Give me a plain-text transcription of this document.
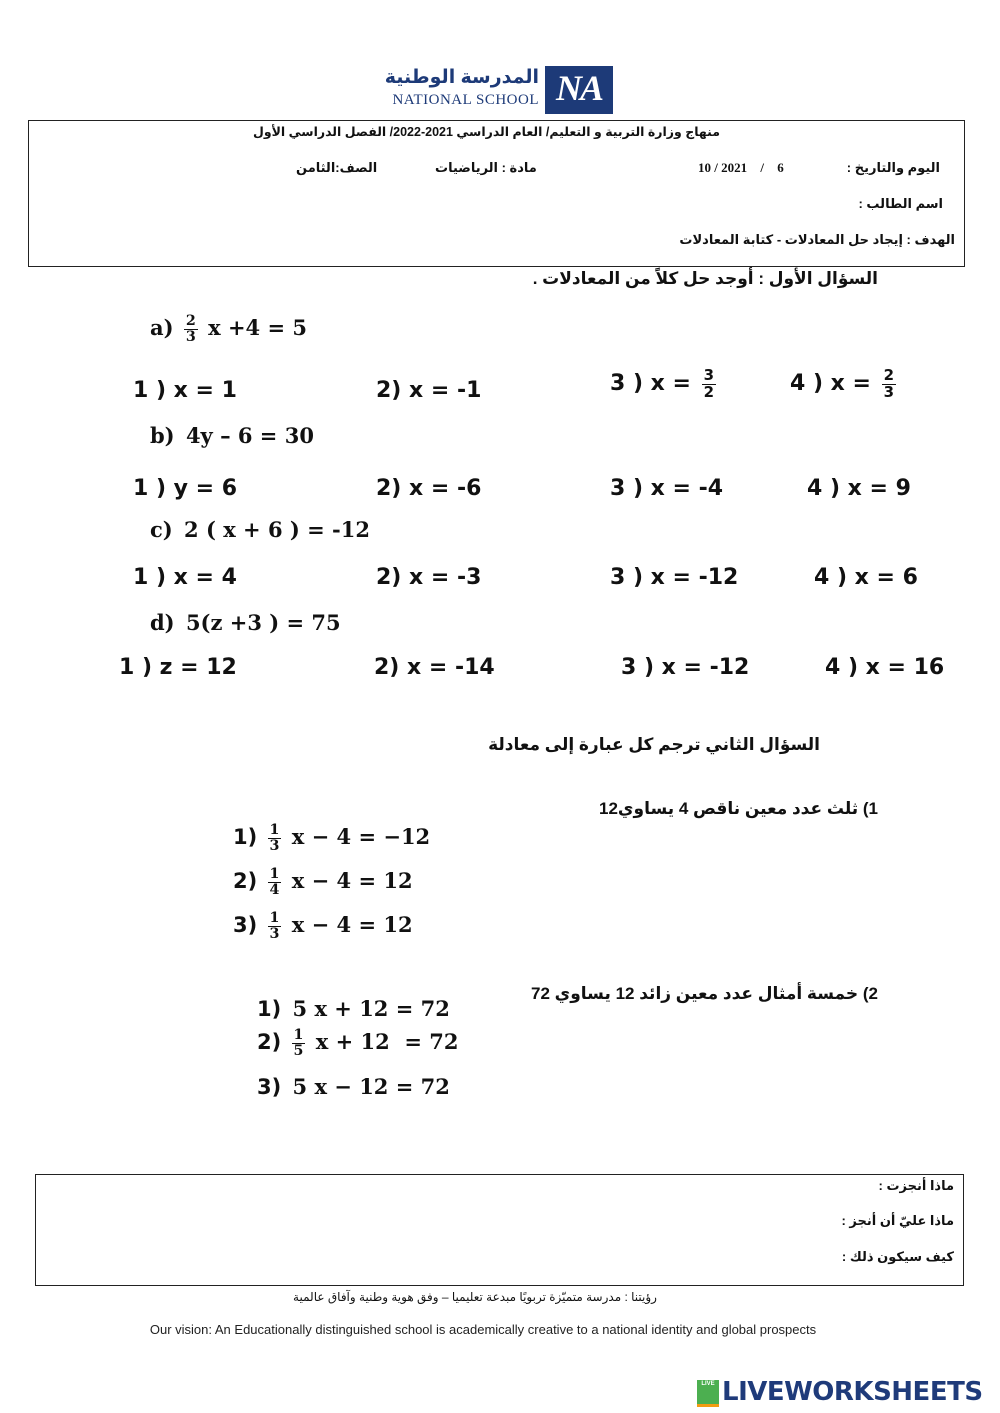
NA
المدرسة الوطنية
NATIONAL SCHOOL
منهاج وزارة التربية و التعليم/ العام الدراسي 2021-2022/ الفصل الدراسي الأول
اليوم والتاريخ :
10 / 2021 / 6
مادة : الرياضيات
الصف:الثامن
اسم الطالب :
الهدف : إيجاد حل المعادلات - كتابة المعادلات
السؤال الأول : أوجد حل كلاً من المعادلات .
$a) \frac{2}{3}$ x +4 = 5
1 ) x = 1	2) x = -1	3 ) $x = \frac{3}{2}$	4 ) $x = \frac{2}{3}$
b) 4y – 6 = 30
1 ) y = 6	2) x = -6	3 ) x = -4	4 ) x = 9
c) 2 ( x + 6 ) = -12
1 ) x = 4	2) x = -3	3 ) x = -12	4 ) x = 6
d) 5(z +3 ) = 75
1 ) z = 12	2) x = -14	3 ) x = -12	4 ) x = 16
السؤال الثاني ترجم كل عبارة إلى معادلة
1) ثلث عدد معين ناقص 4 يساوي12
$1) \frac{1}{3}$ x − 4 = −12
$2) \frac{1}{4}$ x − 4 = 12
$3) \frac{1}{3}$ x − 4 = 12
2) خمسة أمثال عدد معين زائد 12 يساوي 72
1) 5 x + 12 = 72
$2) \frac{1}{5}$ x + 12  = 72
3) 5 x − 12 = 72
ماذا أنجزت :
ماذا عليّ أن أنجز :
كيف سيكون ذلك :
رؤيتنا : مدرسة متميّزة تربويًا مبدعة تعليميا – وفق هوية وطنية وآفاق عالمية
Our vision: An Educationally distinguished school is academically creative to a national identity and global prospects
LIVE LIVEWORKSHEETS
